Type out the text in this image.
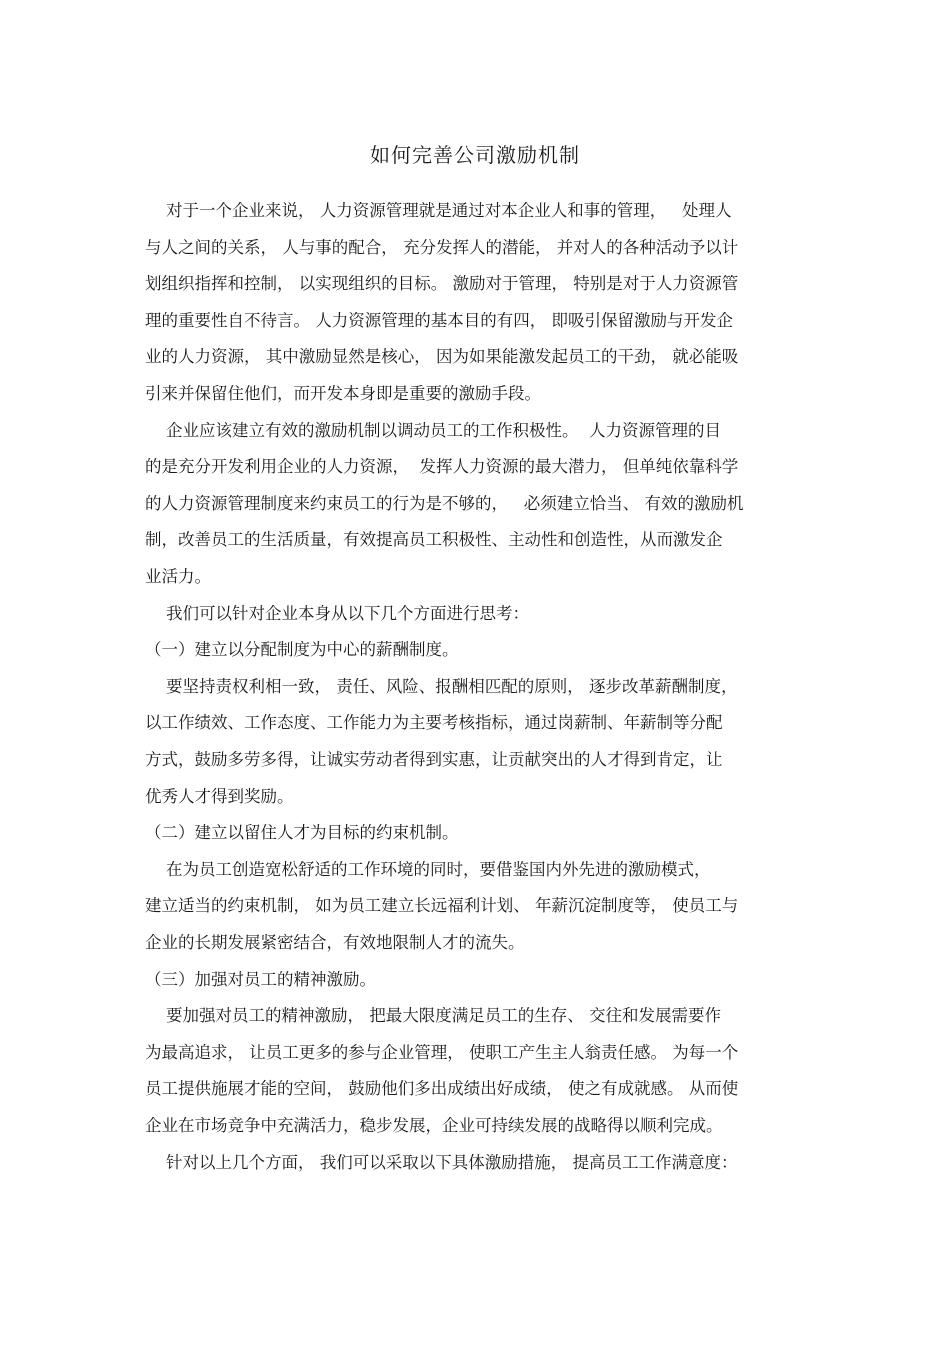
如何完善公司激励机制
对于一个企业来说， 人力资源管理就是通过对本企业人和事的管理，   处理人
与人之间的关系， 人与事的配合， 充分发挥人的潜能， 并对人的各种活动予以计
划组织指挥和控制， 以实现组织的目标。 激励对于管理， 特别是对于人力资源管
理的重要性自不待言。 人力资源管理的基本目的有四， 即吸引保留激励与开发企
业的人力资源， 其中激励显然是核心， 因为如果能激发起员工的干劲， 就必能吸
引来并保留住他们，而开发本身即是重要的激励手段。
企业应该建立有效的激励机制以调动员工的工作积极性。  人力资源管理的目
的是充分开发利用企业的人力资源，  发挥人力资源的最大潜力， 但单纯依靠科学
的人力资源管理制度来约束员工的行为是不够的，   必须建立恰当、 有效的激励机
制，改善员工的生活质量，有效提高员工积极性、主动性和创造性，从而激发企
业活力。
我们可以针对企业本身从以下几个方面进行思考：
（一）建立以分配制度为中心的薪酬制度。
要坚持责权利相一致， 责任、风险、报酬相匹配的原则， 逐步改革薪酬制度，
以工作绩效、工作态度、工作能力为主要考核指标，通过岗薪制、年薪制等分配
方式，鼓励多劳多得，让诚实劳动者得到实惠，让贡献突出的人才得到肯定，让
优秀人才得到奖励。
（二）建立以留住人才为目标的约束机制。
在为员工创造宽松舒适的工作环境的同时，要借鉴国内外先进的激励模式，
建立适当的约束机制， 如为员工建立长远福利计划、 年薪沉淀制度等， 使员工与
企业的长期发展紧密结合，有效地限制人才的流失。
（三）加强对员工的精神激励。
要加强对员工的精神激励， 把最大限度满足员工的生存、 交往和发展需要作
为最高追求， 让员工更多的参与企业管理， 使职工产生主人翁责任感。 为每一个
员工提供施展才能的空间， 鼓励他们多出成绩出好成绩， 使之有成就感。 从而使
企业在市场竞争中充满活力，稳步发展，企业可持续发展的战略得以顺利完成。
针对以上几个方面， 我们可以采取以下具体激励措施， 提高员工工作满意度：
